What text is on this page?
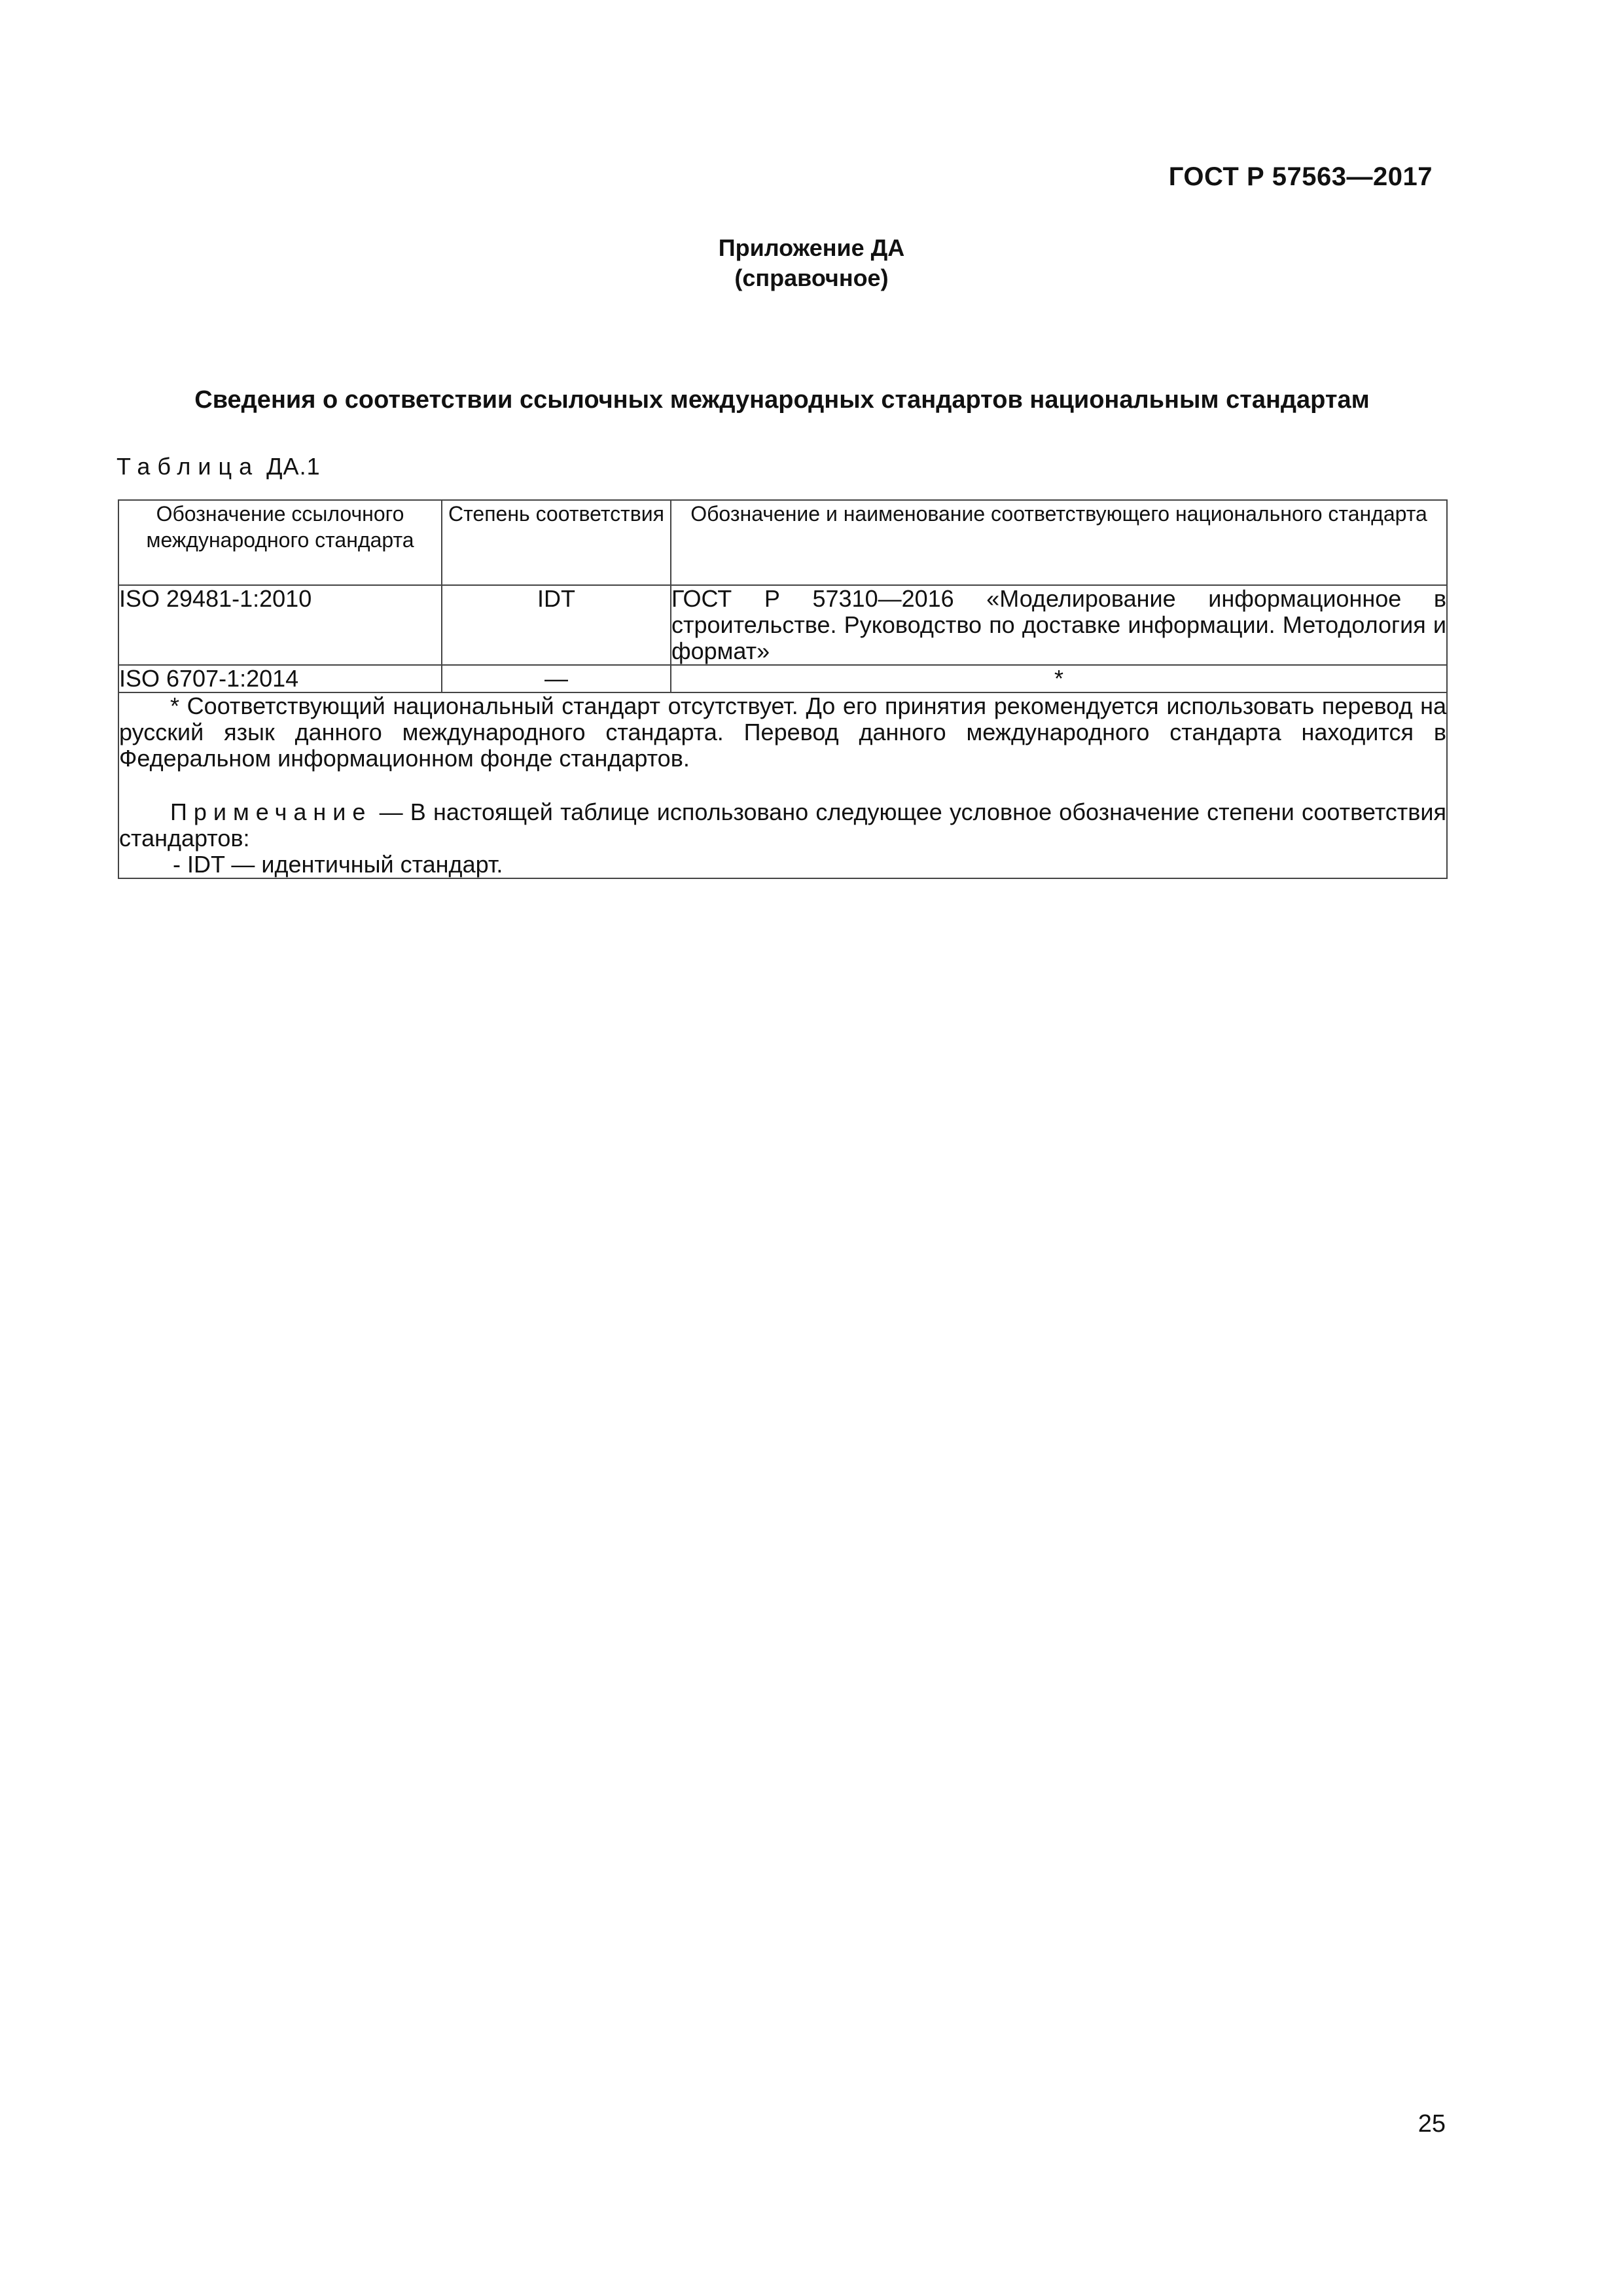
ГОСТ Р 57563—2017
Приложение ДА
(справочное)
Сведения о соответствии ссылочных международных стандартов национальным стандартам
Таблица ДА.1
Обозначение ссылочного международного стандарта	Степень соответствия	Обозначение и наименование соответствующего национального стандарта
ISO 29481-1:2010	IDT	ГОСТ Р 57310—2016 «Моделирование информационное в строительстве. Руководство по доставке информации. Методология и формат»
ISO 6707-1:2014	—	*

* Соответствующий национальный стандарт отсутствует. До его принятия рекомендуется использовать перевод на русский язык данного международного стандарта. Перевод данного международного стандарта находится в Федеральном информационном фонде стандартов.

Примечание — В настоящей таблице использовано следующее условное обозначение степени соответствия стандартов:

- IDT — идентичный стандарт.		

25
